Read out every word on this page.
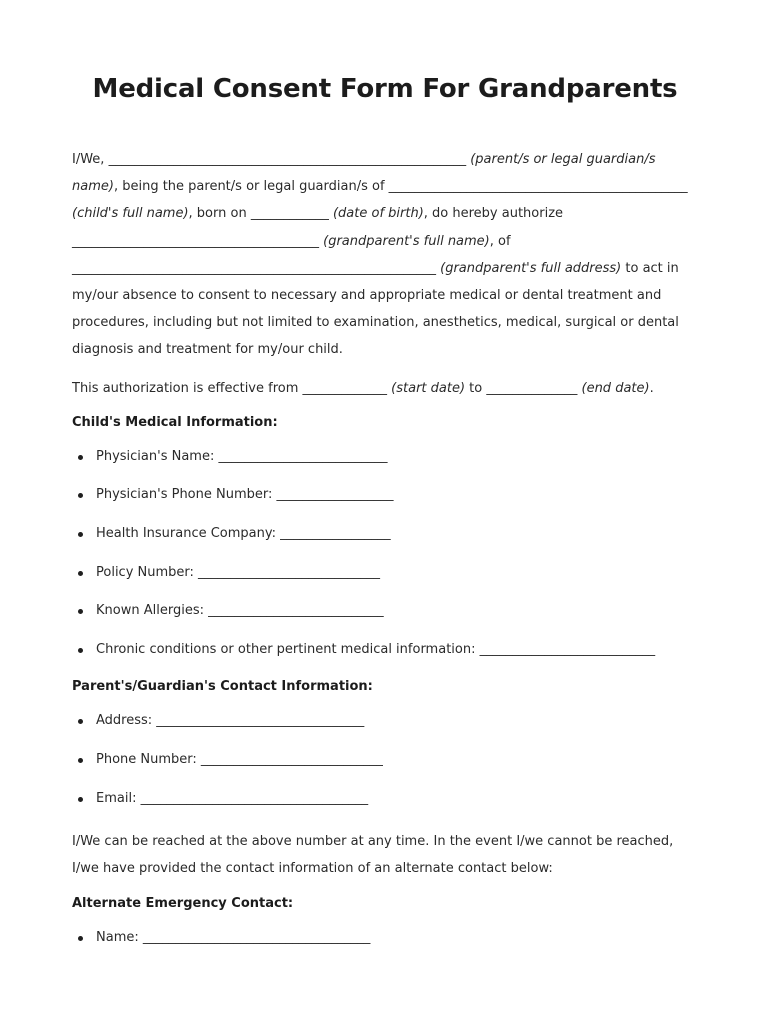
Medical Consent Form For Grandparents

I/We, _______________________________________________________ (parent/s or legal guardian/s name), being the parent/s or legal guardian/s of ______________________________________________ (child's full name), born on ____________ (date of birth), do hereby authorize ______________________________________ (grandparent's full name), of ________________________________________________________ (grandparent's full address) to act in my/our absence to consent to necessary and appropriate medical or dental treatment and procedures, including but not limited to examination, anesthetics, medical, surgical or dental diagnosis and treatment for my/our child.

This authorization is effective from _____________ (start date) to ______________ (end date).

Child's Medical Information:
Physician's Name: __________________________
Physician's Phone Number: __________________
Health Insurance Company: _________________
Policy Number: ____________________________
Known Allergies: ___________________________
Chronic conditions or other pertinent medical information: ___________________________
Parent's/Guardian's Contact Information:
Address: ________________________________
Phone Number: ____________________________
Email: ___________________________________

I/We can be reached at the above number at any time. In the event I/we cannot be reached, I/we have provided the contact information of an alternate contact below:

Alternate Emergency Contact:
Name: ___________________________________
